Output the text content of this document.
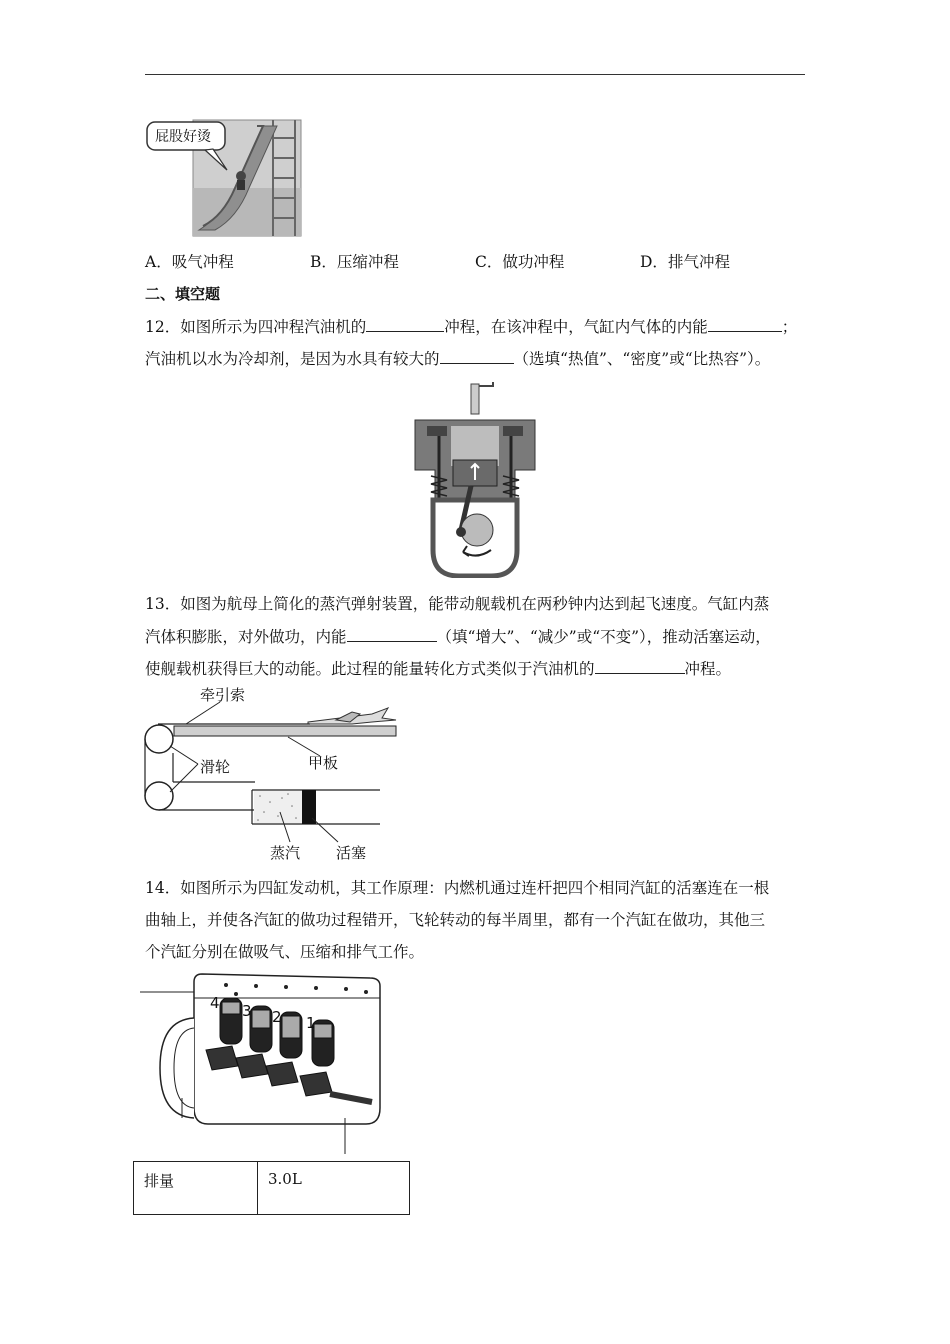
屁股好烫
A．吸气冲程	B．压缩冲程	C．做功冲程	D．排气冲程
二、填空题
12．如图所示为四冲程汽油机的	冲程，在该冲程中，气缸内气体的内能	；
汽油机以水为冷却剂，是因为水具有较大的	（选填“热值”、“密度”或“比热容”）。
13．如图为航母上简化的蒸汽弹射装置，能带动舰载机在两秒钟内达到起飞速度。气缸内蒸
汽体积膨胀，对外做功，内能	（填“增大”、“减少”或“不变”），推动活塞运动，
使舰载机获得巨大的动能。此过程的能量转化方式类似于汽油机的	冲程。
牵引索
滑轮	甲板
蒸汽 活塞
14．如图所示为四缸发动机，其工作原理：内燃机通过连杆把四个相同汽缸的活塞连在一根
曲轴上，并使各汽缸的做功过程错开，飞轮转动的每半周里，都有一个汽缸在做功，其他三
个汽缸分别在做吸气、压缩和排气工作。
4 3 2 1
排量	3.0L
